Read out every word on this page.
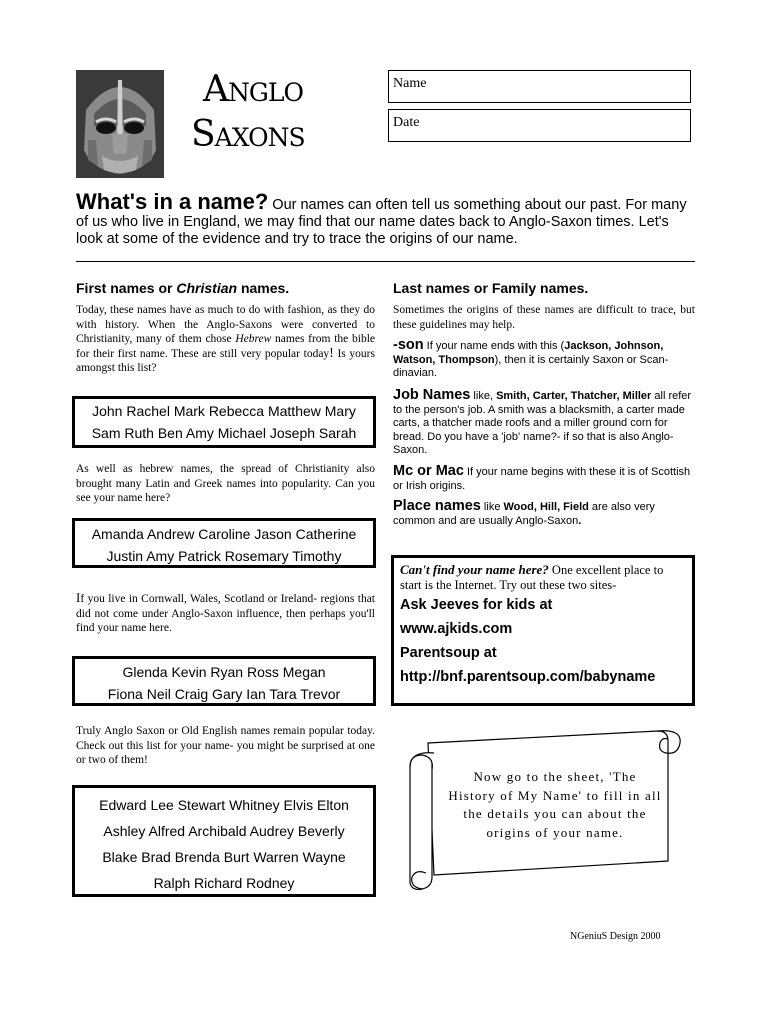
Anglo
Saxons
Name
Date
What's in a name? Our names can often tell us something about our past. For many of us who live in England, we may find that our name dates back to Anglo-Saxon times. Let's look at some of the evidence and try to trace the origins of our name.
First names or Christian names.
Today, these names have as much to do with fashion, as they do with history. When the Anglo-Saxons were converted to Christianity, many of them chose Hebrew names from the bible for their first name. These are still very popular today! Is yours amongst this list?
John Rachel Mark Rebecca Matthew Mary
Sam Ruth Ben Amy Michael Joseph Sarah
As well as hebrew names, the spread of Christianity also brought many Latin and Greek names into popularity. Can you see your name here?
Amanda Andrew Caroline Jason Catherine
Justin Amy Patrick Rosemary Timothy
If you live in Cornwall, Wales, Scotland or Ireland- regions that did not come under Anglo-Saxon influence, then perhaps you'll find your name here.
Glenda Kevin Ryan Ross Megan
Fiona Neil Craig Gary Ian Tara Trevor
Truly Anglo Saxon or Old English names remain popular today. Check out this list for your name- you might be surprised at one or two of them!
Edward Lee Stewart Whitney Elvis Elton
Ashley Alfred Archibald Audrey Beverly
Blake Brad Brenda Burt Warren Wayne
Ralph Richard Rodney
Last names or Family names.
Sometimes the origins of these names are difficult to trace, but these guidelines may help.
-son If your name ends with this (Jackson, Johnson, Watson, Thompson), then it is certainly Saxon or Scan-dinavian.
Job Names like, Smith, Carter, Thatcher, Miller all refer to the person's job. A smith was a blacksmith, a carter made carts, a thatcher made roofs and a miller ground corn for bread. Do you have a 'job' name?- if so that is also Anglo-Saxon.
Mc or Mac If your name begins with these it is of Scottish or Irish origins.
Place names like Wood, Hill, Field are also very common and are usually Anglo-Saxon.
Can't find your name here? One excellent place to start is the Internet. Try out these two sites-
Ask Jeeves for kids at
www.ajkids.com
Parentsoup at
http://bnf.parentsoup.com/babyname
Now go to the sheet, 'The History of My Name' to fill in all the details you can about the origins of your name.
NGeniuS Design 2000
